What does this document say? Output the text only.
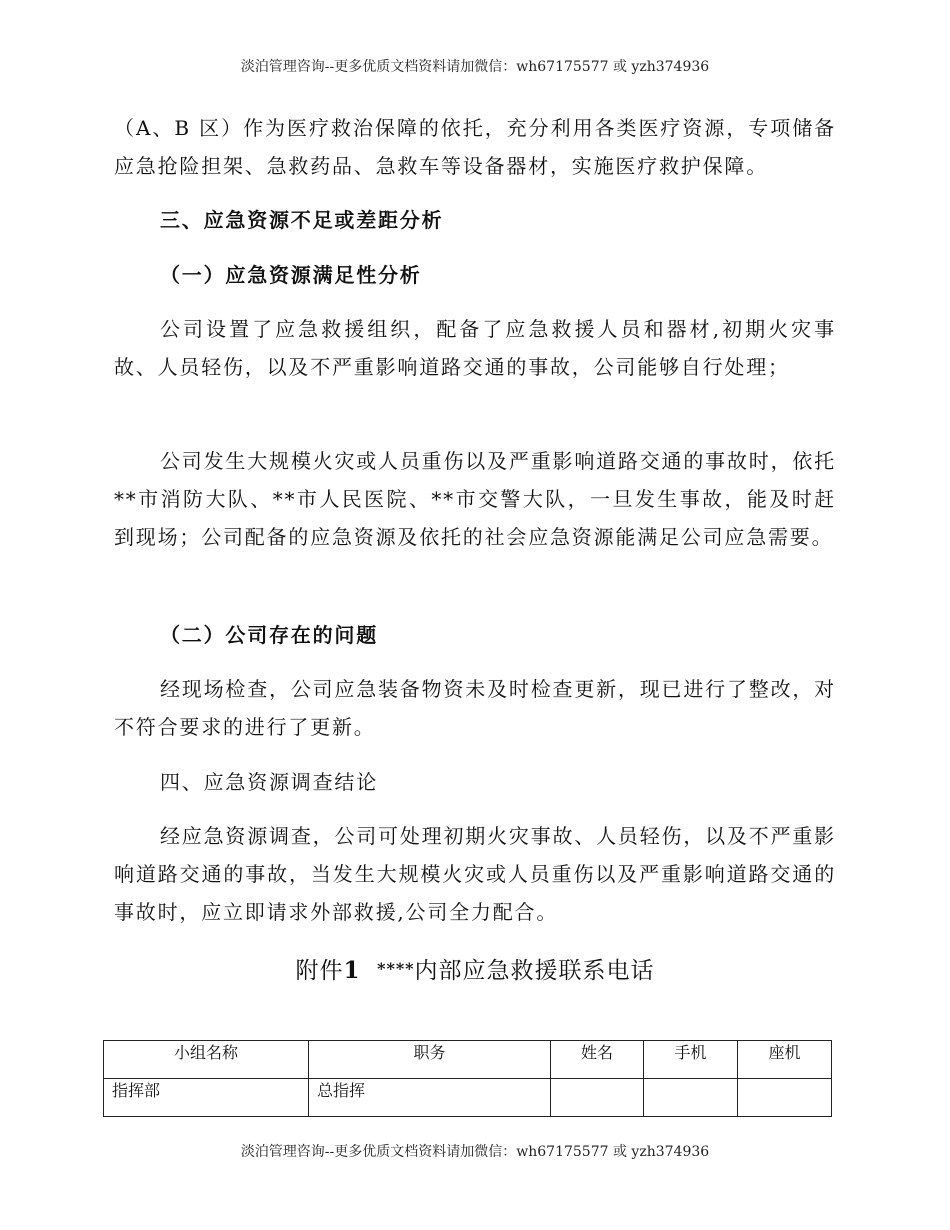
淡泊管理咨询--更多优质文档资料请加微信：wh67175577 或 yzh374936

（A、B 区）作为医疗救治保障的依托，充分利用各类医疗资源，专项储备应急抢险担架、急救药品、急救车等设备器材，实施医疗救护保障。

三、应急资源不足或差距分析

（一）应急资源满足性分析

公司设置了应急救援组织，配备了应急救援人员和器材,初期火灾事故、人员轻伤，以及不严重影响道路交通的事故，公司能够自行处理；

公司发生大规模火灾或人员重伤以及严重影响道路交通的事故时，依托**市消防大队、**市人民医院、**市交警大队，一旦发生事故，能及时赶到现场；公司配备的应急资源及依托的社会应急资源能满足公司应急需要。

（二）公司存在的问题

经现场检查，公司应急装备物资未及时检查更新，现已进行了整改，对不符合要求的进行了更新。

四、应急资源调查结论

经应急资源调查，公司可处理初期火灾事故、人员轻伤，以及不严重影响道路交通的事故，当发生大规模火灾或人员重伤以及严重影响道路交通的事故时，应立即请求外部救援,公司全力配合。

附件1 ****内部应急救援联系电话

小组名称	职务	姓名	手机	座机
指挥部	总指挥			
淡泊管理咨询--更多优质文档资料请加微信：wh67175577 或 yzh374936
